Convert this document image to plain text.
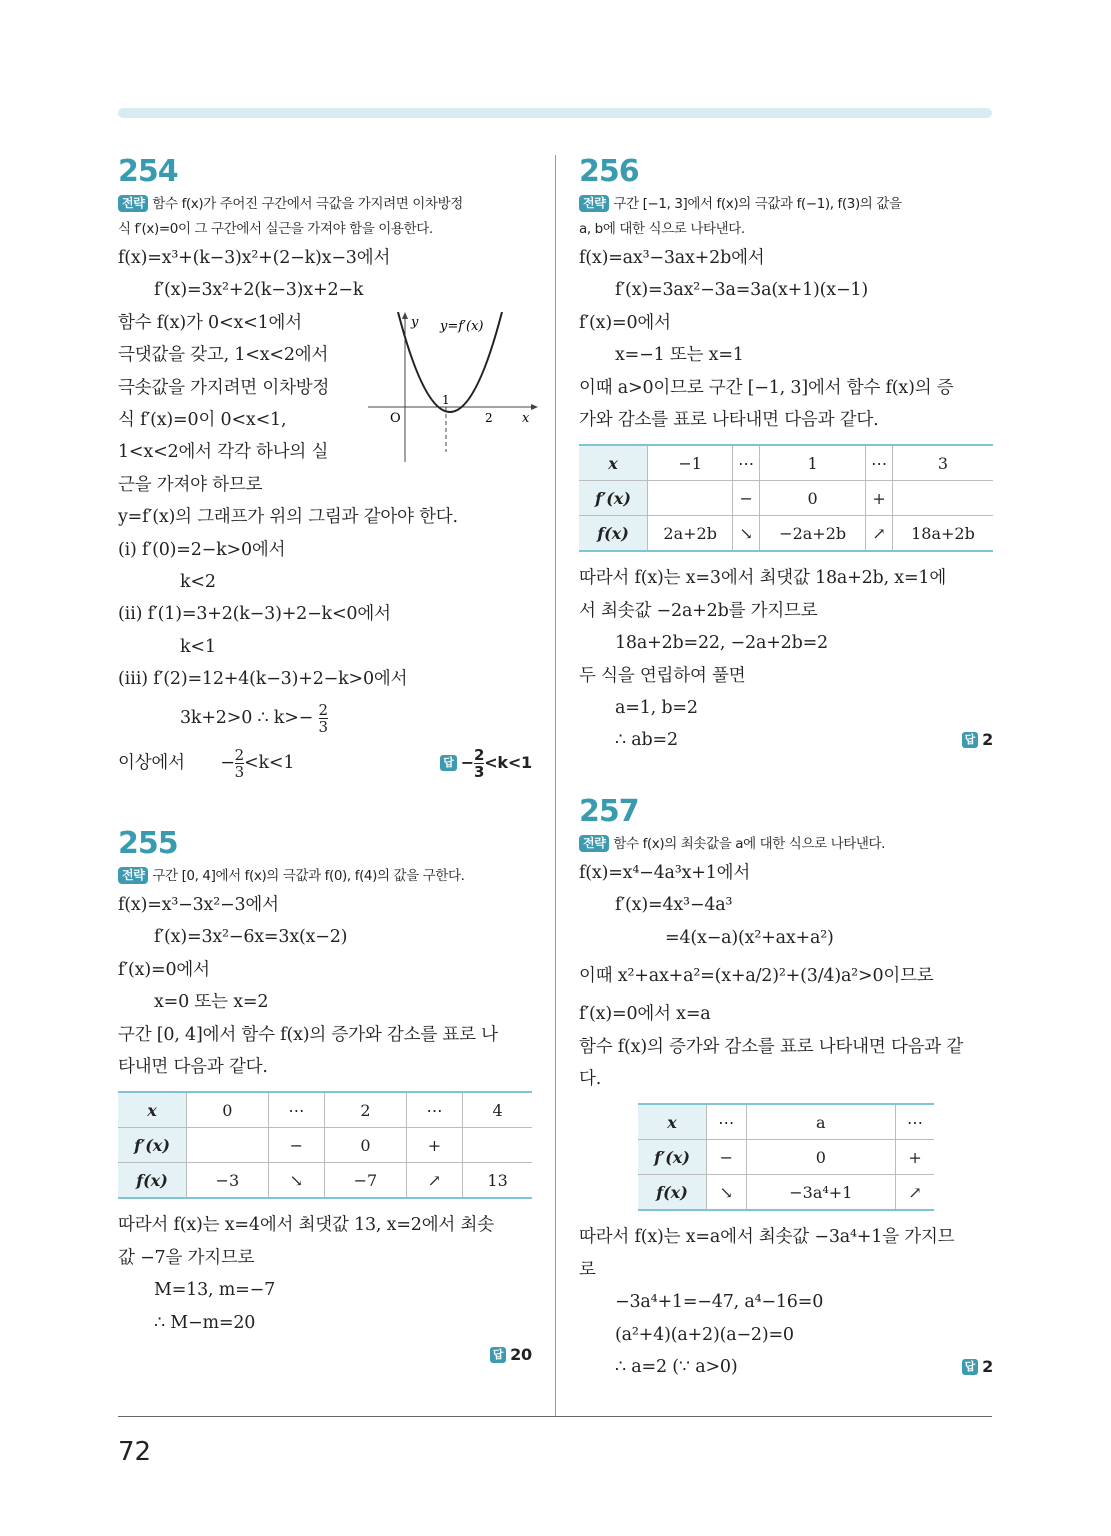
72
254
전략 함수 f(x)가 주어진 구간에서 극값을 가지려면 이차방정
식 f′(x)=0이 그 구간에서 실근을 가져야 함을 이용한다.
f(x)=x³+(k−3)x²+(2−k)x−3에서
f′(x)=3x²+2(k−3)x+2−k
함수 f(x)가 0<x<1에서
극댓값을 갖고, 1<x<2에서
극솟값을 가지려면 이차방정
식 f′(x)=0이 0<x<1,
1<x<2에서 각각 하나의 실
근을 가져야 하므로
y=f′(x)의 그래프가 위의 그림과 같아야 한다.
(ⅰ) f′(0)=2−k>0에서
k<2
(ⅱ) f′(1)=3+2(k−3)+2−k<0에서
k<1
(ⅲ) f′(2)=12+4(k−3)+2−k>0에서
3k+2>0 ∴ $k>- \frac{2}{3}$
이상에서 − $\frac{2}{3} <k<1$	답 − $\frac{2}{3} <k<1$
y y=f′(x)
x
O
1
2
255
전략 구간 [0, 4]에서 f(x)의 극값과 f(0), f(4)의 값을 구한다.
f(x)=x³−3x²−3에서
f′(x)=3x²−6x=3x(x−2)
f′(x)=0에서
x=0 또는 x=2
구간 [0, 4]에서 함수 f(x)의 증가와 감소를 표로 나
타내면 다음과 같다.
x	0	⋯	2	⋯	4
f′(x)		−	0	+	
f(x)	−3	↘	−7	↗	13
따라서 f(x)는 x=4에서 최댓값 13, x=2에서 최솟
값 −7을 가지므로
M=13, m=−7
∴ M−m=20
답 20
256
전략 구간 [−1, 3]에서 f(x)의 극값과 f(−1), f(3)의 값을
a, b에 대한 식으로 나타낸다.
f(x)=ax³−3ax+2b에서
f′(x)=3ax²−3a=3a(x+1)(x−1)
f′(x)=0에서
x=−1 또는 x=1
이때 a>0이므로 구간 [−1, 3]에서 함수 f(x)의 증
가와 감소를 표로 나타내면 다음과 같다.
x	−1	⋯	1	⋯	3
f′(x)		−	0	+	
f(x)	2a+2b	↘	−2a+2b	↗	18a+2b
따라서 f(x)는 x=3에서 최댓값 18a+2b, x=1에
서 최솟값 −2a+2b를 가지므로
18a+2b=22, −2a+2b=2
두 식을 연립하여 풀면
a=1, b=2
∴ ab=2	답 2
257
전략 함수 f(x)의 최솟값을 a에 대한 식으로 나타낸다.
f(x)=x⁴−4a³x+1에서
f′(x)=4x³−4a³
=4(x−a)(x²+ax+a²)
이때 x²+ax+a²=(x+a/2)²+(3/4)a²>0이므로
f′(x)=0에서 x=a
함수 f(x)의 증가와 감소를 표로 나타내면 다음과 같
다.
x	⋯	a	⋯
f′(x)	−	0	+
f(x)	↘	−3a⁴+1	↗
따라서 f(x)는 x=a에서 최솟값 −3a⁴+1을 가지므
로
−3a⁴+1=−47, a⁴−16=0
(a²+4)(a+2)(a−2)=0
∴ a=2 (∵ a>0)	답 2
